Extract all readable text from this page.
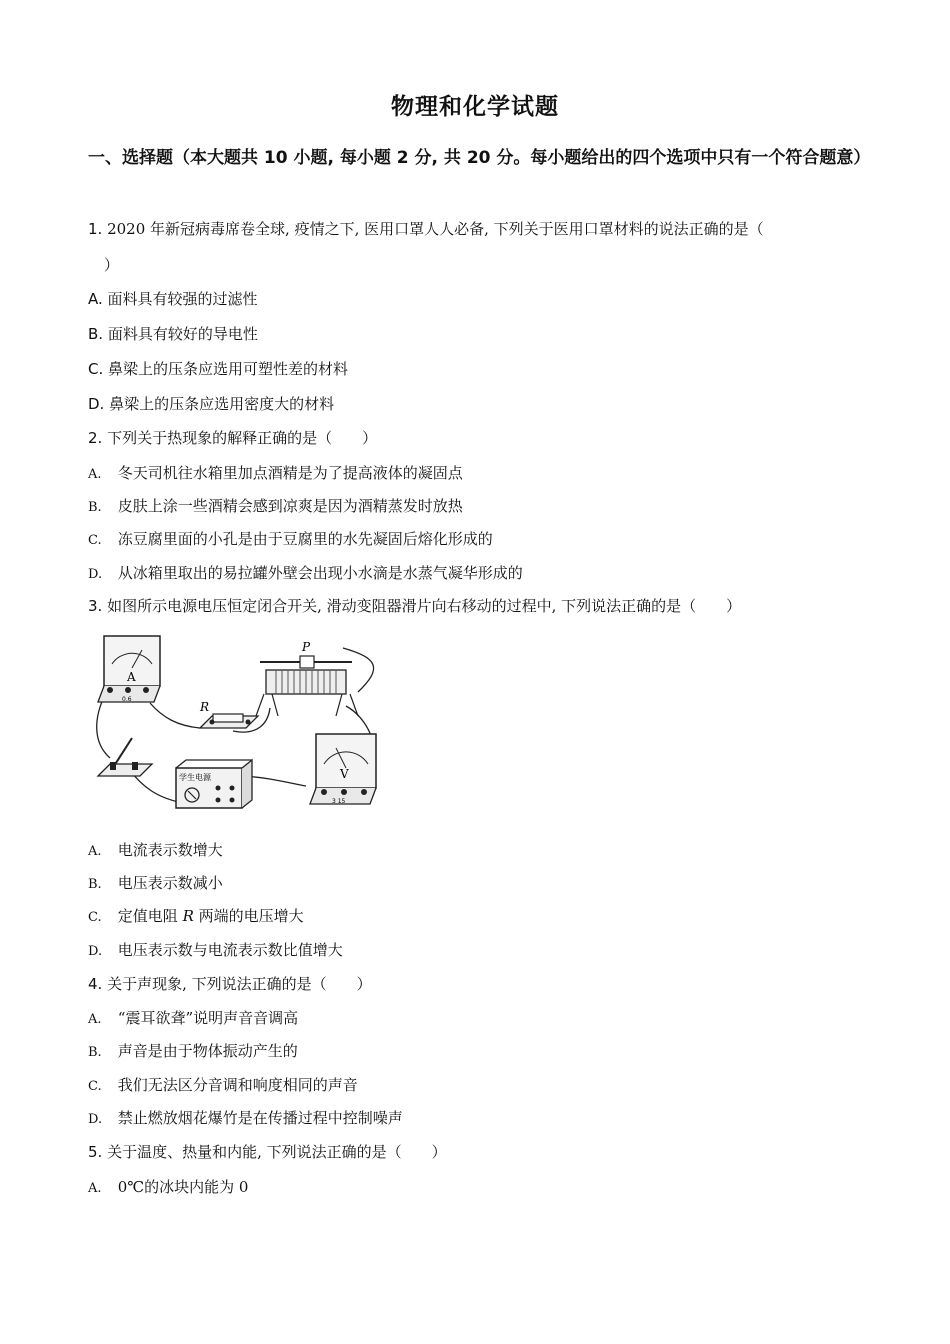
物理和化学试题
一、选择题（本大题共 10 小题, 每小题 2 分, 共 20 分。每小题给出的四个选项中只有一个符合题意）
1. 2020 年新冠病毒席卷全球, 疫情之下, 医用口罩人人必备, 下列关于医用口罩材料的说法正确的是（
）
A. 面料具有较强的过滤性
B. 面料具有较好的导电性
C. 鼻梁上的压条应选用可塑性差的材料
D. 鼻梁上的压条应选用密度大的材料
2. 下列关于热现象的解释正确的是（　　）
A. 冬天司机往水箱里加点酒精是为了提高液体的凝固点
B. 皮肤上涂一些酒精会感到凉爽是因为酒精蒸发时放热
C. 冻豆腐里面的小孔是由于豆腐里的水先凝固后熔化形成的
D. 从冰箱里取出的易拉罐外壁会出现小水滴是水蒸气凝华形成的
3. 如图所示电源电压恒定闭合开关, 滑动变阻器滑片向右移动的过程中, 下列说法正确的是（　　）
A
0.6
P
R
学生电源	V
3 15
A. 电流表示数增大
B. 电压表示数减小
C. 定值电阻 R 两端的电压增大
D. 电压表示数与电流表示数比值增大
4. 关于声现象, 下列说法正确的是（　　）
A. “震耳欲聋”说明声音音调高
B. 声音是由于物体振动产生的
C. 我们无法区分音调和响度相同的声音
D. 禁止燃放烟花爆竹是在传播过程中控制噪声
5. 关于温度、热量和内能, 下列说法正确的是（　　）
A. 0℃的冰块内能为 0
